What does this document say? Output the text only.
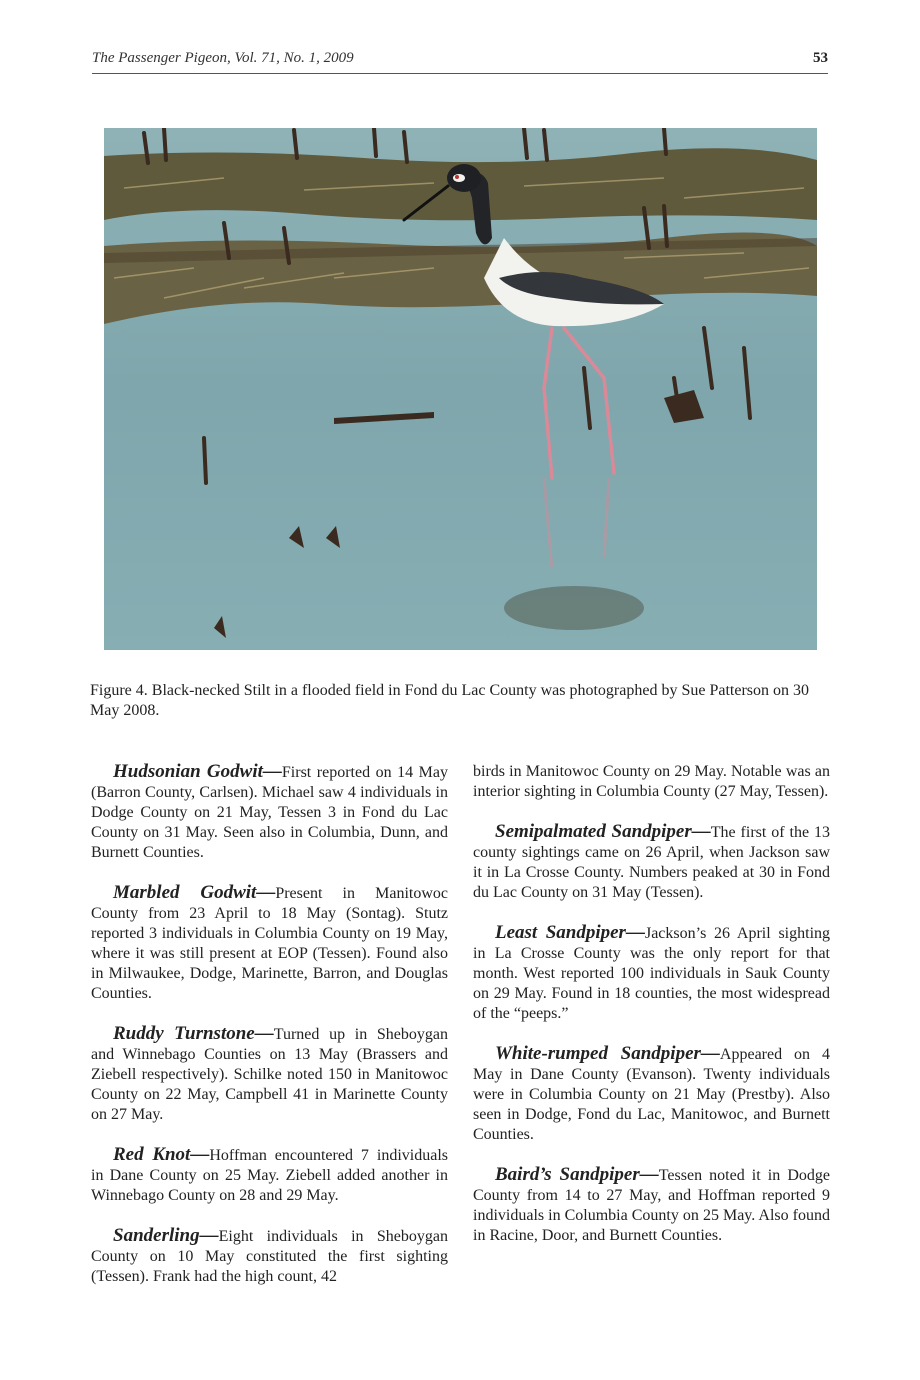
The Passenger Pigeon, Vol. 71, No. 1, 2009	53
Figure 4. Black-necked Stilt in a flooded field in Fond du Lac County was photographed by Sue Patterson on 30 May 2008.

Hudsonian Godwit—First reported on 14 May (Barron County, Carlsen). Michael saw 4 individuals in Dodge County on 21 May, Tessen 3 in Fond du Lac County on 31 May. Seen also in Columbia, Dunn, and Burnett Counties.

Marbled Godwit—Present in Manitowoc County from 23 April to 18 May (Sontag). Stutz reported 3 individuals in Columbia County on 19 May, where it was still present at EOP (Tessen). Found also in Milwaukee, Dodge, Marinette, Barron, and Douglas Counties.

Ruddy Turnstone—Turned up in Sheboygan and Winnebago Counties on 13 May (Brassers and Ziebell respectively). Schilke noted 150 in Manitowoc County on 22 May, Campbell 41 in Marinette County on 27 May.

Red Knot—Hoffman encountered 7 individuals in Dane County on 25 May. Ziebell added another in Winnebago County on 28 and 29 May.

Sanderling—Eight individuals in Sheboygan County on 10 May constituted the first sighting (Tessen). Frank had the high count, 42

birds in Manitowoc County on 29 May. Notable was an interior sighting in Columbia County (27 May, Tessen).

Semipalmated Sandpiper—The first of the 13 county sightings came on 26 April, when Jackson saw it in La Crosse County. Numbers peaked at 30 in Fond du Lac County on 31 May (Tessen).

Least Sandpiper—Jackson’s 26 April sighting in La Crosse County was the only report for that month. West reported 100 individuals in Sauk County on 29 May. Found in 18 counties, the most widespread of the “peeps.”

White-rumped Sandpiper—Appeared on 4 May in Dane County (Evanson). Twenty individuals were in Columbia County on 21 May (Prestby). Also seen in Dodge, Fond du Lac, Manitowoc, and Burnett Counties.

Baird’s Sandpiper—Tessen noted it in Dodge County from 14 to 27 May, and Hoffman reported 9 individuals in Columbia County on 25 May. Also found in Racine, Door, and Burnett Counties.
